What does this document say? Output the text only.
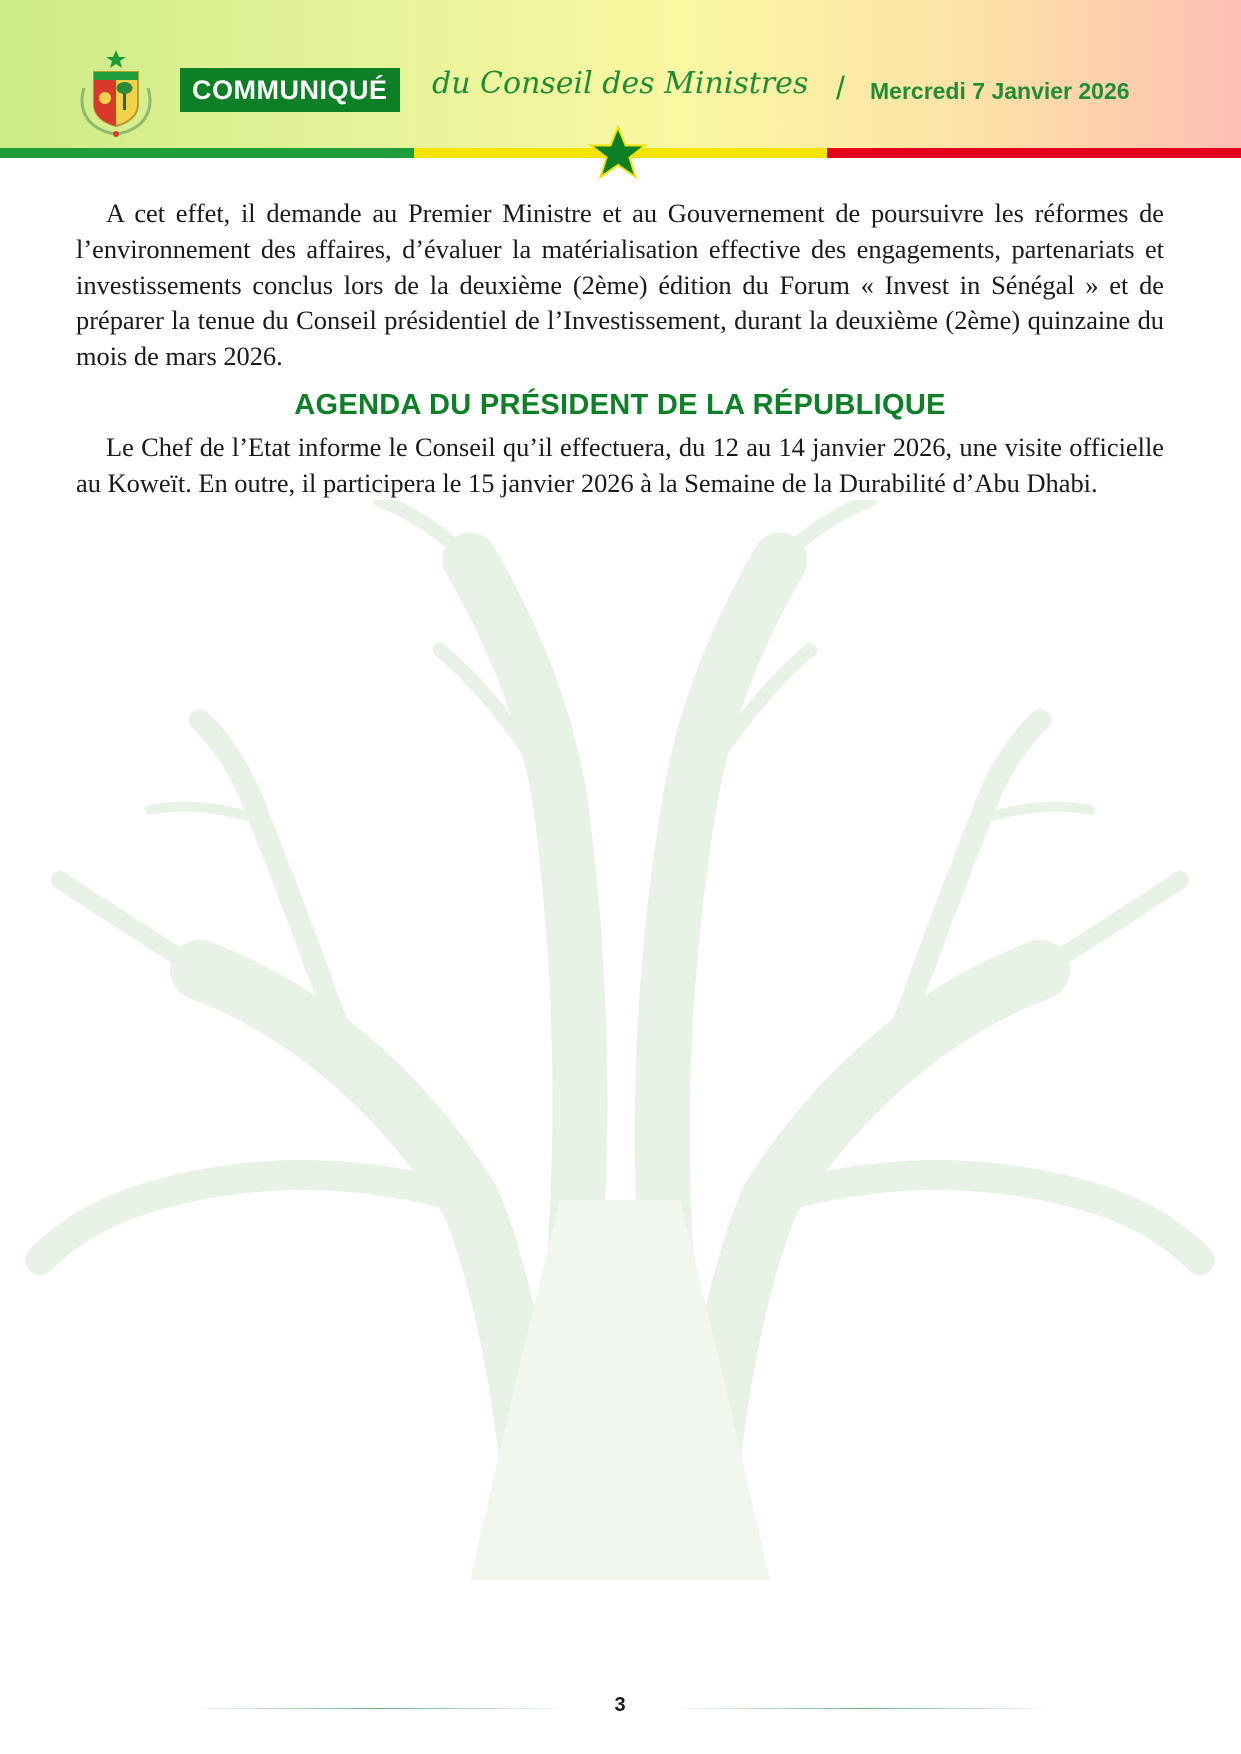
COMMUNIQUÉ	du Conseil des Ministres / Mercredi 7 Janvier 2026

A cet effet, il demande au Premier Ministre et au Gouvernement de poursuivre les réformes de l’environnement des affaires, d’évaluer la matérialisation effective des engagements, partenariats et investissements conclus lors de la deuxième (2ème) édition du Forum « Invest in Sénégal » et de préparer la tenue du Conseil présidentiel de l’Investissement, durant la deuxième (2ème) quinzaine du mois de mars 2026.

AGENDA DU PRÉSIDENT DE LA RÉPUBLIQUE

Le Chef de l’Etat informe le Conseil qu’il effectuera, du 12 au 14 janvier 2026, une visite officielle au Koweït. En outre, il participera le 15 janvier 2026 à la Semaine de la Durabilité d’Abu Dhabi.

3
